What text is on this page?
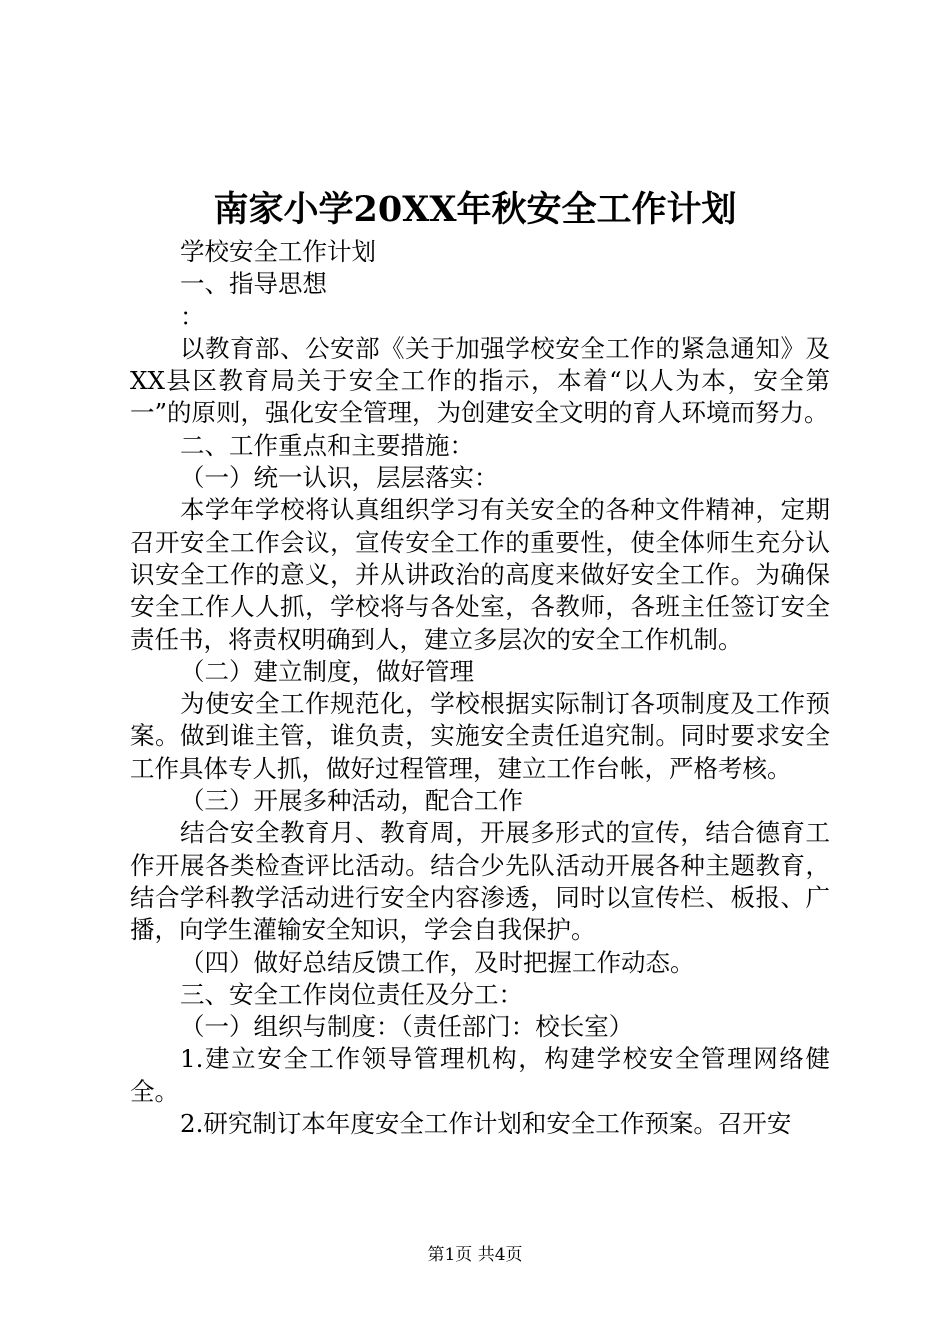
南家小学20XX年秋安全工作计划

学校安全工作计划

一、指导思想

：

以教育部、公安部《关于加强学校安全工作的紧急通知》及XX县区教育局关于安全工作的指示，本着“以人为本，安全第一”的原则，强化安全管理，为创建安全文明的育人环境而努力。

二、工作重点和主要措施：

（一）统一认识，层层落实：

本学年学校将认真组织学习有关安全的各种文件精神，定期召开安全工作会议，宣传安全工作的重要性，使全体师生充分认识安全工作的意义，并从讲政治的高度来做好安全工作。为确保安全工作人人抓，学校将与各处室，各教师，各班主任签订安全责任书，将责权明确到人，建立多层次的安全工作机制。

（二）建立制度，做好管理

为使安全工作规范化，学校根据实际制订各项制度及工作预案。做到谁主管，谁负责，实施安全责任追究制。同时要求安全工作具体专人抓，做好过程管理，建立工作台帐，严格考核。

（三）开展多种活动，配合工作

结合安全教育月、教育周，开展多形式的宣传，结合德育工作开展各类检查评比活动。结合少先队活动开展各种主题教育，结合学科教学活动进行安全内容渗透，同时以宣传栏、板报、广播，向学生灌输安全知识，学会自我保护。

（四）做好总结反馈工作，及时把握工作动态。

三、安全工作岗位责任及分工：

（一）组织与制度：（责任部门：校长室）

1.建立安全工作领导管理机构，构建学校安全管理网络健全。

2.研究制订本年度安全工作计划和安全工作预案。召开安

第1页 共4页
